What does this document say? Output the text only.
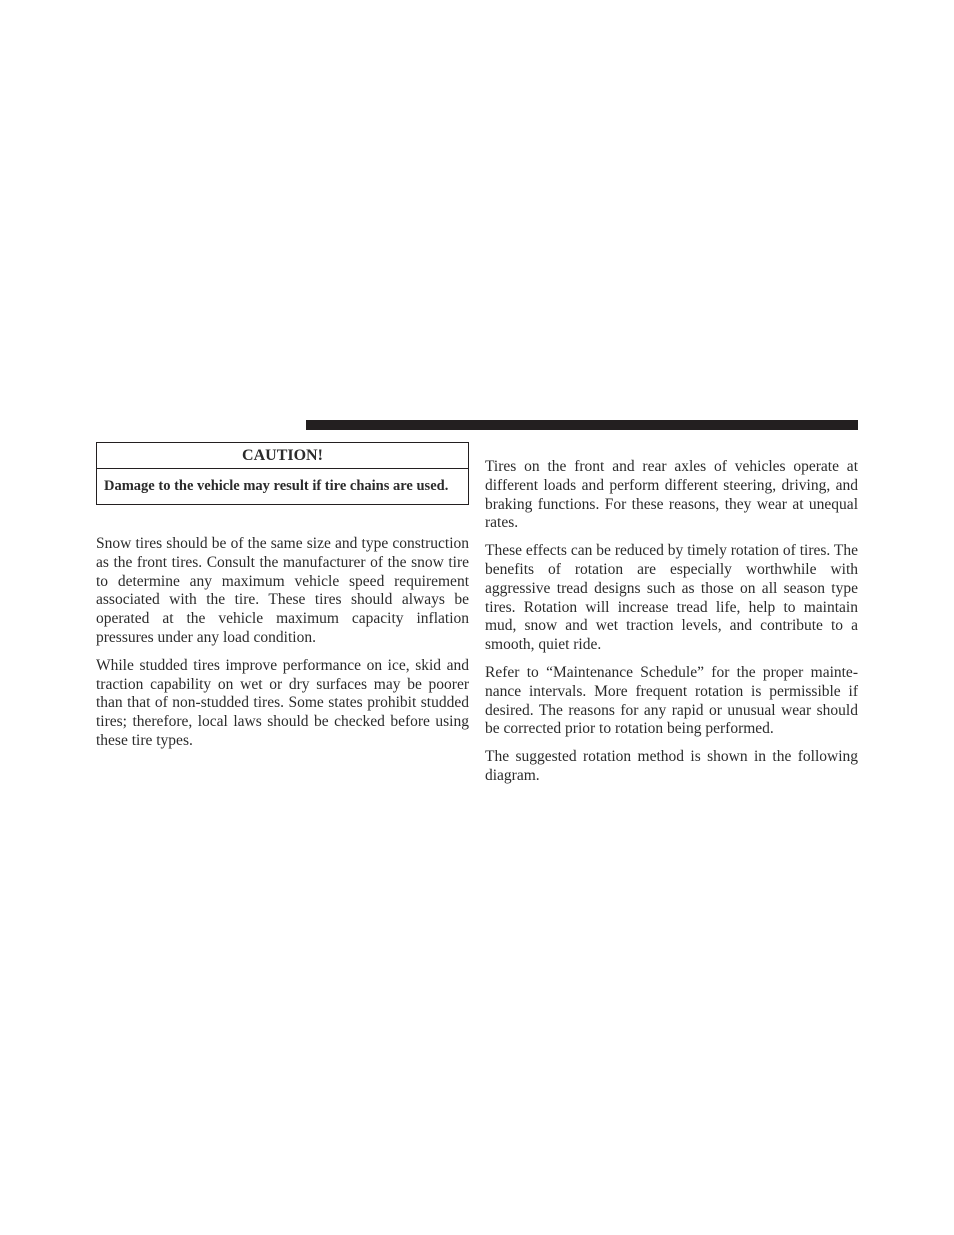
CAUTION!
Damage to the vehicle may result if tire chains are used.

Snow tires should be of the same size and type construction as the front tires. Consult the manufacturer of the snow tire to determine any maximum vehicle speed requirement associated with the tire. These tires should always be operated at the vehicle maximum capacity inflation pressures under any load condition.

While studded tires improve performance on ice, skid and traction capability on wet or dry surfaces may be poorer than that of non-studded tires. Some states prohibit studded tires; therefore, local laws should be checked before using these tire types.

Tires on the front and rear axles of vehicles operate at different loads and perform different steering, driving, and braking functions. For these reasons, they wear at unequal rates.

These effects can be reduced by timely rotation of tires. The benefits of rotation are especially worthwhile with aggressive tread designs such as those on all season type tires. Rotation will increase tread life, help to maintain mud, snow and wet traction levels, and contribute to a smooth, quiet ride.

Refer to “Maintenance Schedule” for the proper maintenance intervals. More frequent rotation is permissible if desired. The reasons for any rapid or unusual wear should be corrected prior to rotation being performed.

The suggested rotation method is shown in the following diagram.
